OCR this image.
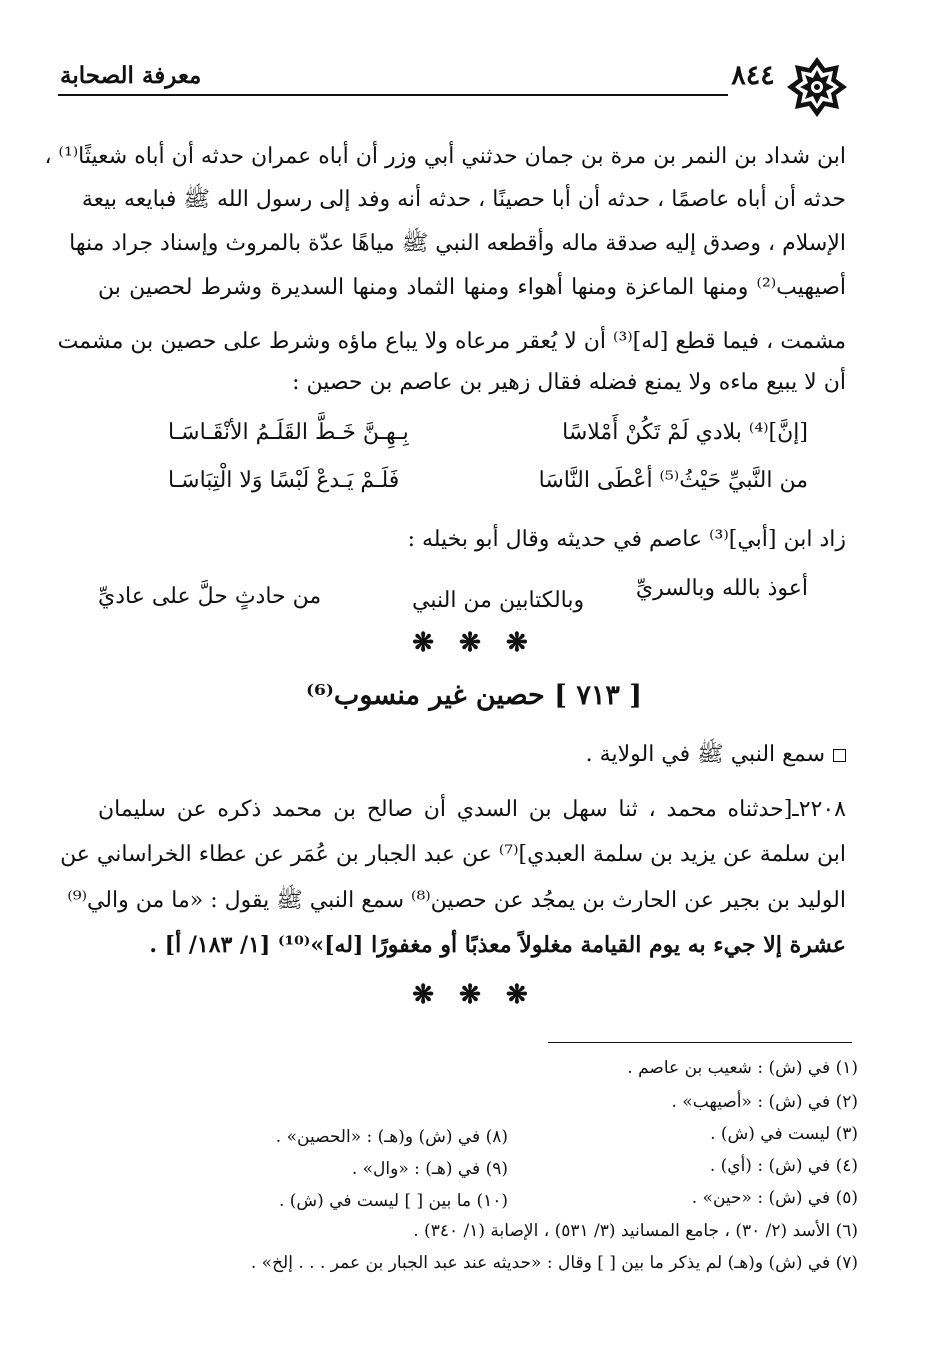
٨٤٤
معرفة الصحابة
ابن شداد بن النمر بن مرة بن جمان حدثني أبي وزر أن أباه عمران حدثه أن أباه شعيثًا⁽¹⁾ ،
حدثه أن أباه عاصمًا ، حدثه أن أبا حصينًا ، حدثه أنه وفد إلى رسول الله ﷺ فبايعه بيعة
الإسلام ، وصدق إليه صدقة ماله وأقطعه النبي ﷺ مياهًا عدّة بالمروث وإسناد جراد منها
أصيهيب⁽²⁾ ومنها الماعزة ومنها أهواء ومنها الثماد ومنها السديرة وشرط لحصين بن
مشمت ، فيما قطع [له]⁽³⁾ أن لا يُعقر مرعاه ولا يباع ماؤه وشرط على حصين بن مشمت
أن لا يبيع ماءه ولا يمنع فضله فقال زهير بن عاصم بن حصين :
[إنَّ]⁽⁴⁾ بلادي لَمْ تَكُنْ أَمْلاسًا
بِـهِـنَّ خَـطَّ القَلَـمُ الأنْقَـاسَـا
من النَّبيِّ حَيْثُ⁽⁵⁾ أعْطَى النَّاسَا
فَلَـمْ يَـدعْ لَبْسًا وَلا الْتِبَاسَـا
زاد ابن [أبي]⁽³⁾ عاصم في حديثه وقال أبو بخيله :
أعوذ بالله وبالسريِّ
وبالكتابين من النبي
من حادثٍ حلَّ على عاديِّ
❋ ❋ ❋
[ ٧١٣ ] حصين غير منسوب⁽⁶⁾
سمع النبي ﷺ في الولاية .
٢٢٠٨ـ[حدثناه محمد ، ثنا سهل بن السدي أن صالح بن محمد ذكره عن سليمان
ابن سلمة عن يزيد بن سلمة العبدي]⁽⁷⁾ عن عبد الجبار بن عُمَر عن عطاء الخراساني عن
الوليد بن بجير عن الحارث بن يمجُد عن حصين⁽⁸⁾ سمع النبي ﷺ يقول : «ما من والي⁽⁹⁾
عشرة إلا جيء به يوم القيامة مغلولاً معذبًا أو مغفورًا [له]»⁽¹⁰⁾ [١/ ١٨٣/ أ] .
❋ ❋ ❋
(١) في (ش) : شعيب بن عاصم .
(٢) في (ش) : «أصيهب» .
(٣) ليست في (ش) .
(٤) في (ش) : (أي) .
(٥) في (ش) : «حين» .
(٨) في (ش) و(هـ) : «الحصين» .
(٩) في (هـ) : «وال» .
(١٠) ما بين [ ] ليست في (ش) .
(٦) الأسد (٢/ ٣٠) ، جامع المسانيد (٣/ ٥٣١) ، الإصابة (١/ ٣٤٠) .
(٧) في (ش) و(هـ) لم يذكر ما بين [ ] وقال : «حديثه عند عبد الجبار بن عمر . . . إلخ» .
